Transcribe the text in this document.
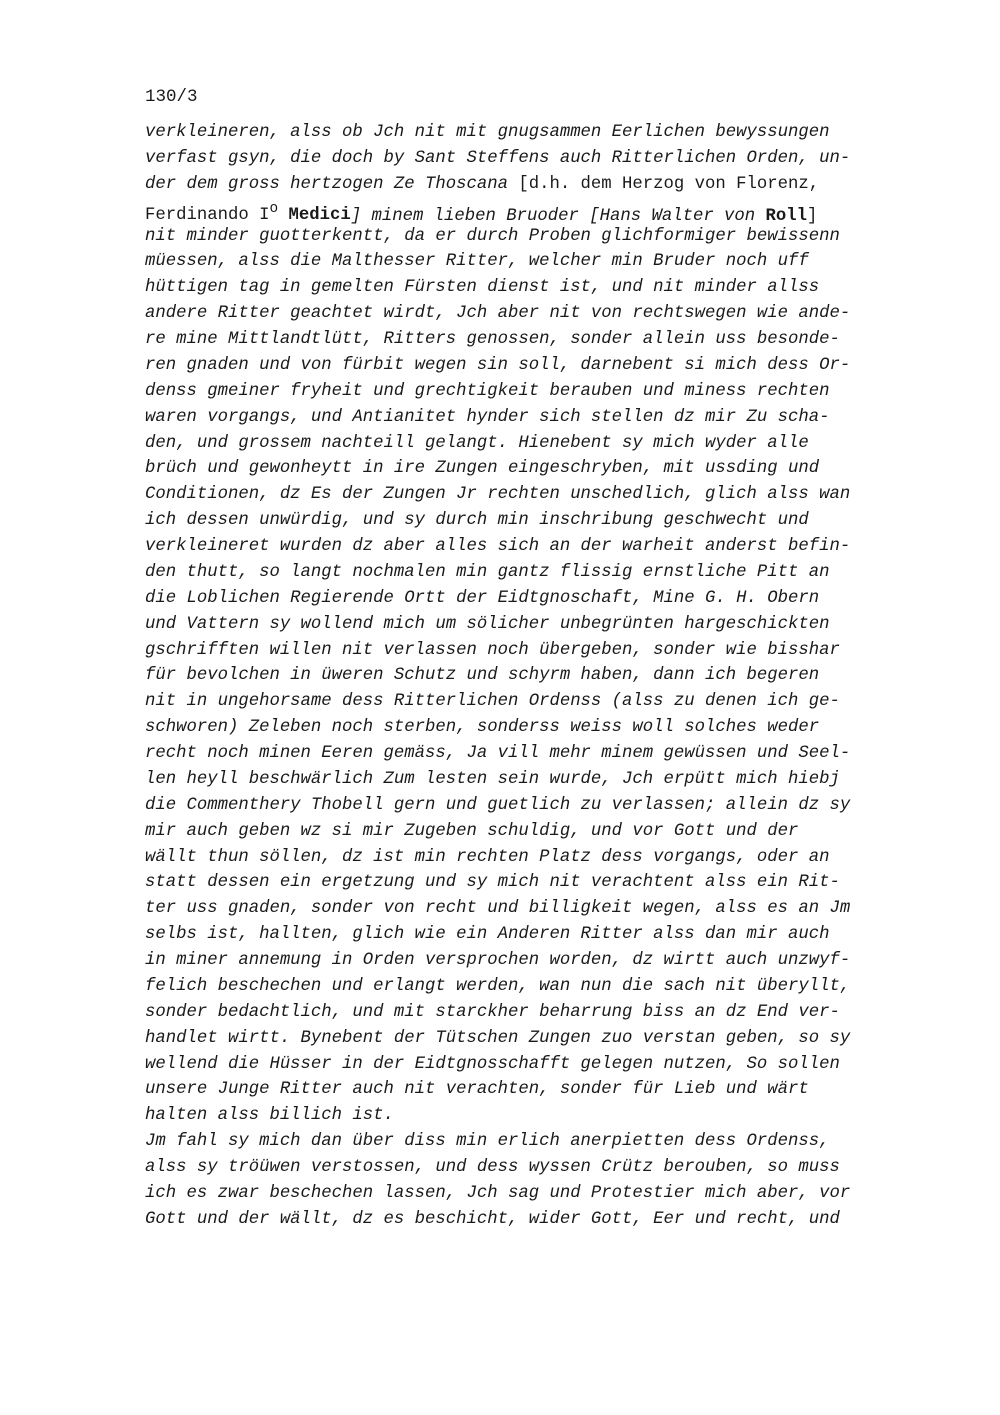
130/3
verkleineren, alss ob Jch nit mit gnugsammen Eerlichen bewyssungen
verfast gsyn, die doch by Sant Steffens auch Ritterlichen Orden, un-
der dem gross hertzogen Ze Thoscana [d.h. dem Herzog von Florenz,
Ferdinando $I^o$ Medici] minem lieben Bruoder [Hans Walter von Roll]
nit minder guotterkentt, da er durch Proben glichformiger bewissenn
müessen, alss die Malthesser Ritter, welcher min Bruder noch uff
hüttigen tag in gemelten Fürsten dienst ist, und nit minder allss
andere Ritter geachtet wirdt, Jch aber nit von rechtswegen wie ande-
re mine Mittlandtlütt, Ritters genossen, sonder allein uss besonde-
ren gnaden und von fürbit wegen sin soll, darnebent si mich dess Or-
denss gmeiner fryheit und grechtigkeit berauben und miness rechten
waren vorgangs, und Antianitet hynder sich stellen dz mir Zu scha-
den, und grossem nachteill gelangt. Hienebent sy mich wyder alle
brüch und gewonheytt in ire Zungen eingeschryben, mit ussding und
Conditionen, dz Es der Zungen Jr rechten unschedlich, glich alss wan
ich dessen unwürdig, und sy durch min inschribung geschwecht und
verkleineret wurden dz aber alles sich an der warheit anderst befin-
den thutt, so langt nochmalen min gantz flissig ernstliche Pitt an
die Loblichen Regierende Ortt der Eidtgnoschaft, Mine G. H. Obern
und Vattern sy wollend mich um sölicher unbegrünten hargeschickten
gschrifften willen nit verlassen noch übergeben, sonder wie bisshar
für bevolchen in üweren Schutz und schyrm haben, dann ich begeren
nit in ungehorsame dess Ritterlichen Ordenss (alss zu denen ich ge-
schworen) Zeleben noch sterben, sonderss weiss woll solches weder
recht noch minen Eeren gemäss, Ja vill mehr minem gewüssen und Seel-
len heyll beschwärlich Zum lesten sein wurde, Jch erpütt mich hiebj
die Commenthery Thobell gern und guetlich zu verlassen; allein dz sy
mir auch geben wz si mir Zugeben schuldig, und vor Gott und der
wällt thun söllen, dz ist min rechten Platz dess vorgangs, oder an
statt dessen ein ergetzung und sy mich nit verachtent alss ein Rit-
ter uss gnaden, sonder von recht und billigkeit wegen, alss es an Jm
selbs ist, hallten, glich wie ein Anderen Ritter alss dan mir auch
in miner annemung in Orden versprochen worden, dz wirtt auch unzwyf-
felich beschechen und erlangt werden, wan nun die sach nit überyllt,
sonder bedachtlich, und mit starckher beharrung biss an dz End ver-
handlet wirtt. Bynebent der Tütschen Zungen zuo verstan geben, so sy
wellend die Hüsser in der Eidtgnosschafft gelegen nutzen, So sollen
unsere Junge Ritter auch nit verachten, sonder für Lieb und wärt
halten alss billich ist.
Jm fahl sy mich dan über diss min erlich anerpietten dess Ordenss,
alss sy tröüwen verstossen, und dess wyssen Crütz berouben, so muss
ich es zwar beschechen lassen, Jch sag und Protestier mich aber, vor
Gott und der wällt, dz es beschicht, wider Gott, Eer und recht, und
